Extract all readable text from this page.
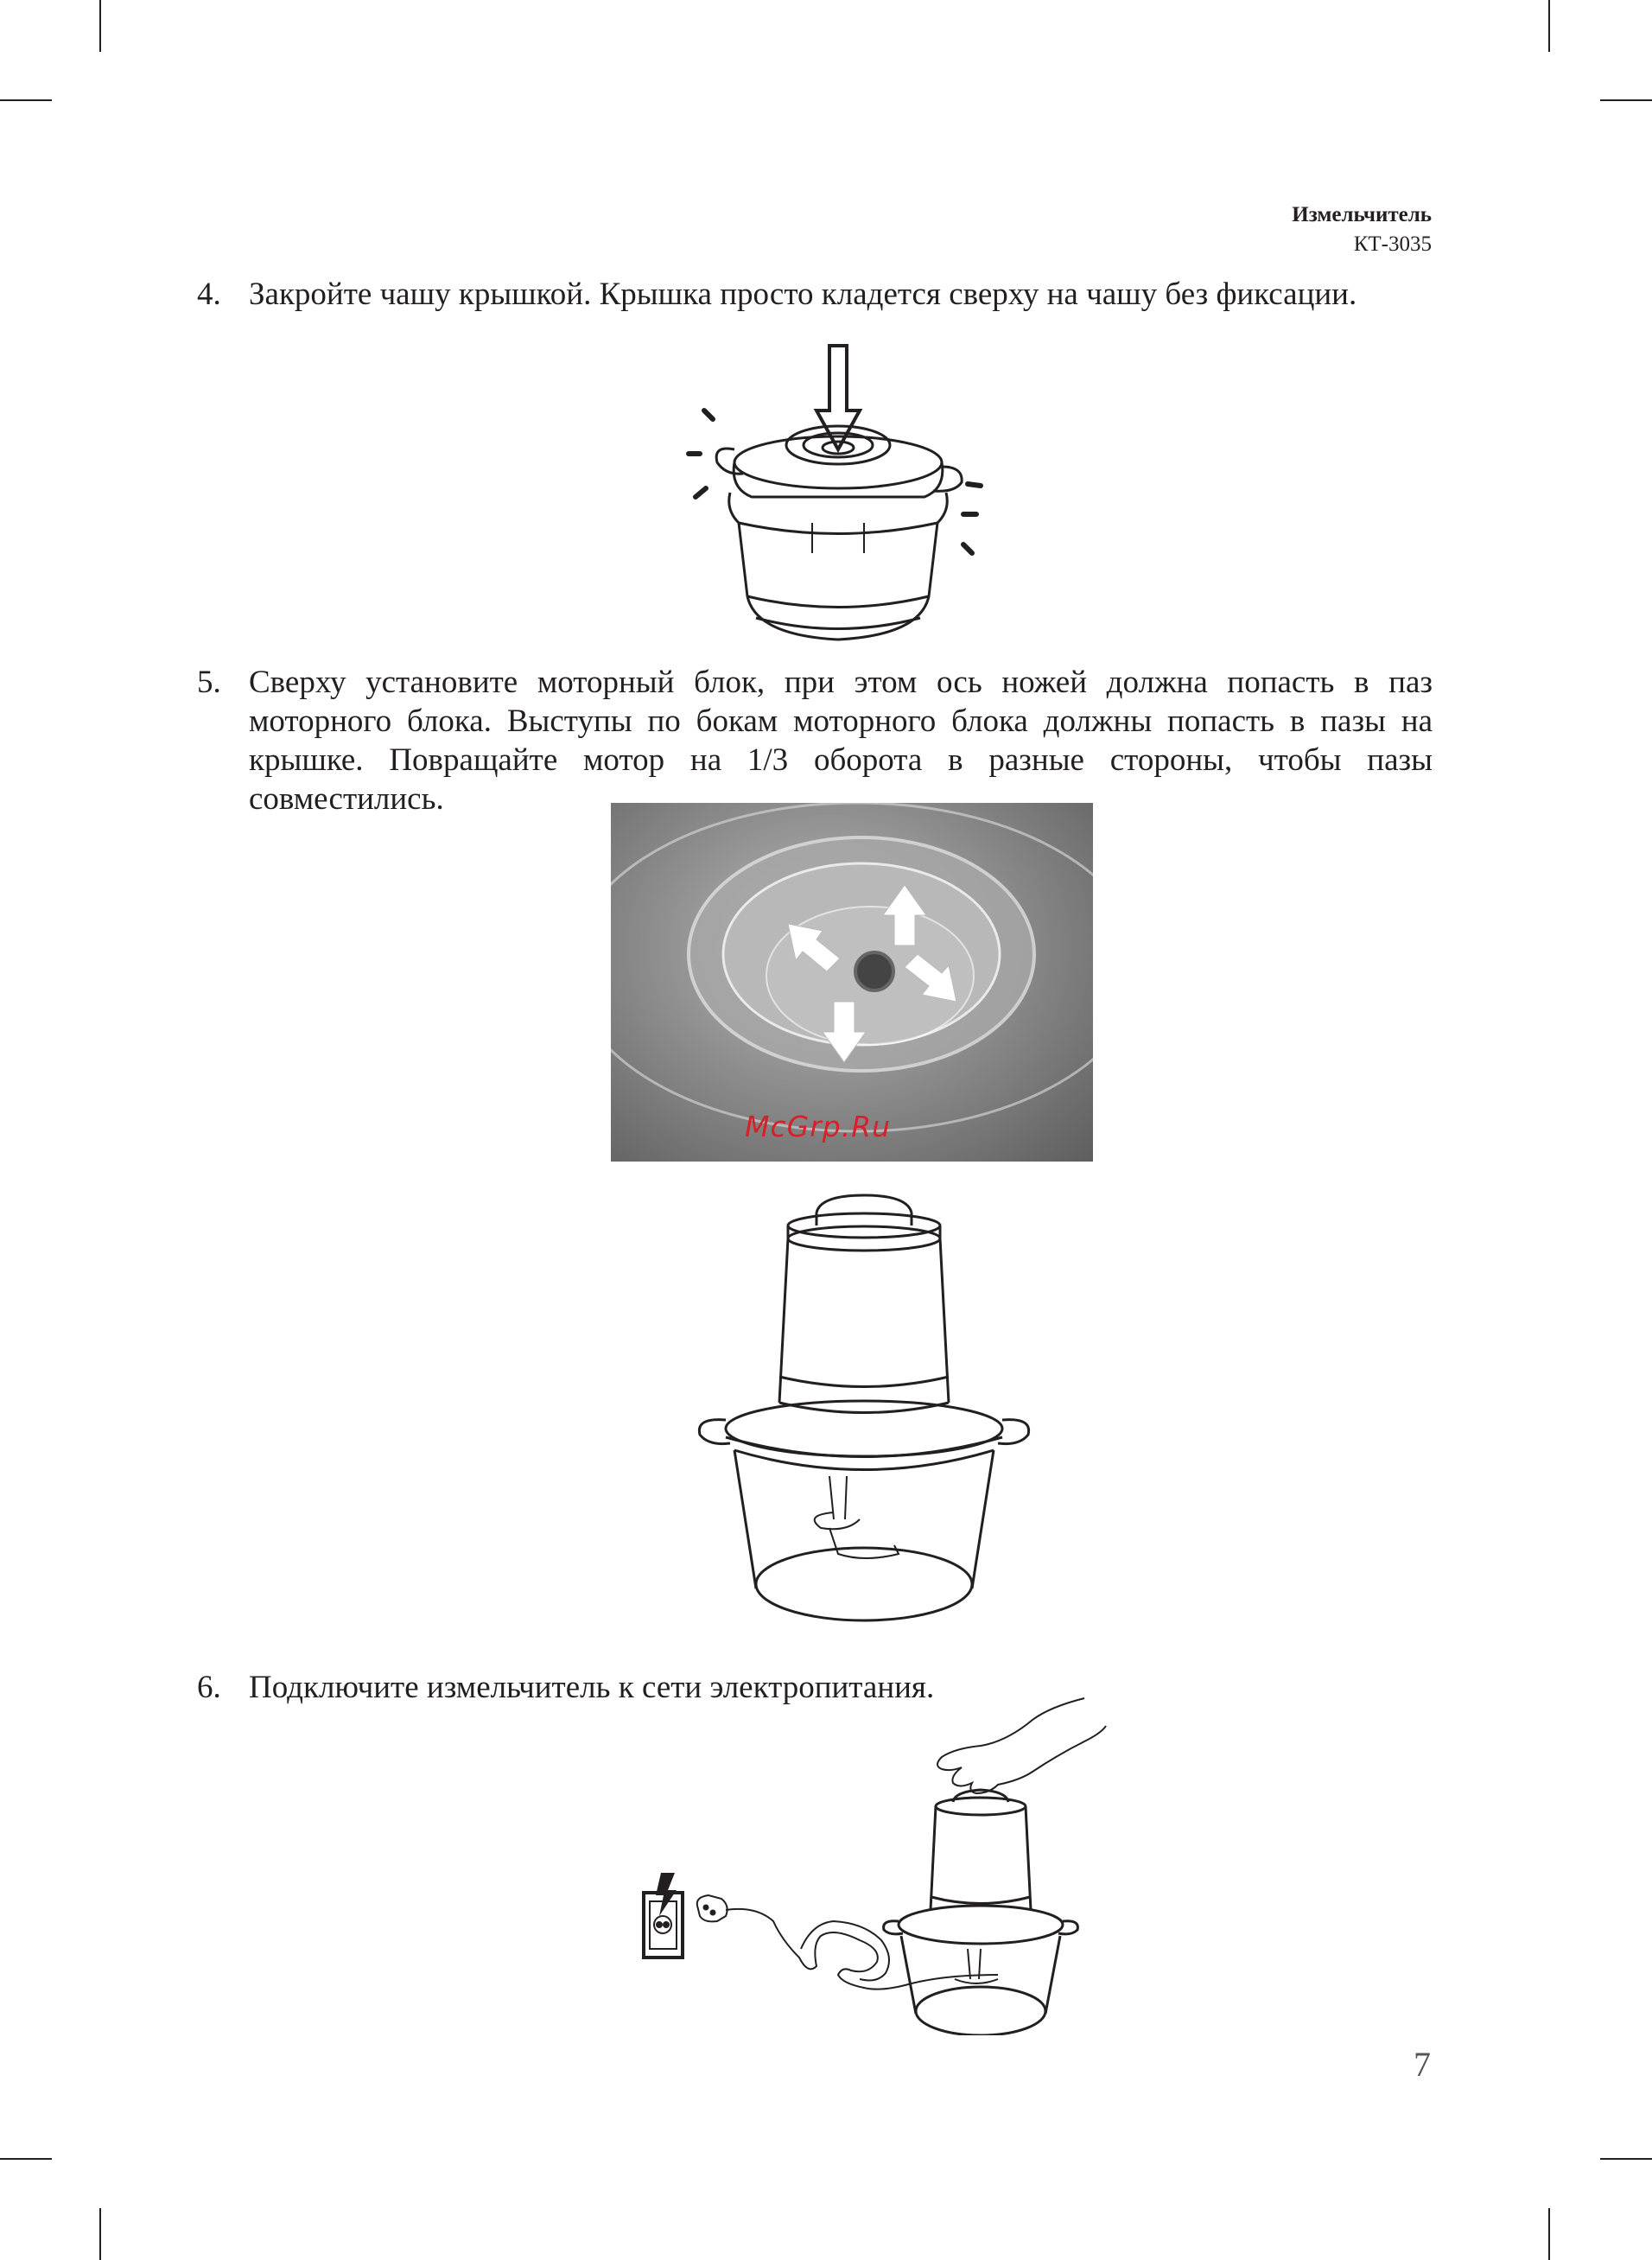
Измельчитель
КТ-3035
4. Закройте чашу крышкой. Крышка просто кладется сверху на чашу без фиксации.
5. Сверху установите моторный блок, при этом ось ножей должна попасть в паз моторного блока. Выступы по бокам моторного блока должны попасть в пазы на крышке. Повращайте мотор на 1/3 оборота в разные стороны, чтобы пазы совместились.
McGrp.Ru
6. Подключите измельчитель к сети электропитания.
7
